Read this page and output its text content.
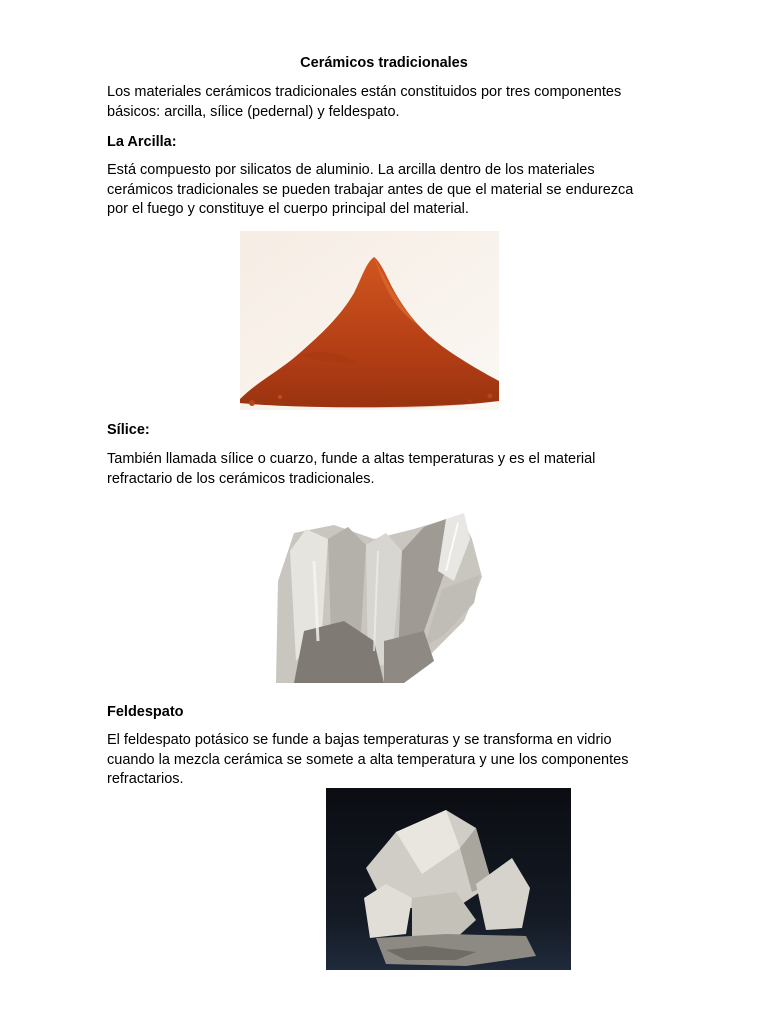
Cerámicos tradicionales

Los materiales cerámicos tradicionales están constituidos por tres componentes
básicos: arcilla, sílice (pedernal) y feldespato.

La Arcilla:

Está compuesto por silicatos de aluminio. La arcilla dentro de los materiales
cerámicos tradicionales se pueden trabajar antes de que el material se endurezca
por el fuego y constituye el cuerpo principal del material.

Sílice:

También llamada sílice o cuarzo, funde a altas temperaturas y es el material
refractario de los cerámicos tradicionales.

Feldespato

El feldespato potásico se funde a bajas temperaturas y se transforma en vidrio
cuando la mezcla cerámica se somete a alta temperatura y une los componentes
refractarios.
